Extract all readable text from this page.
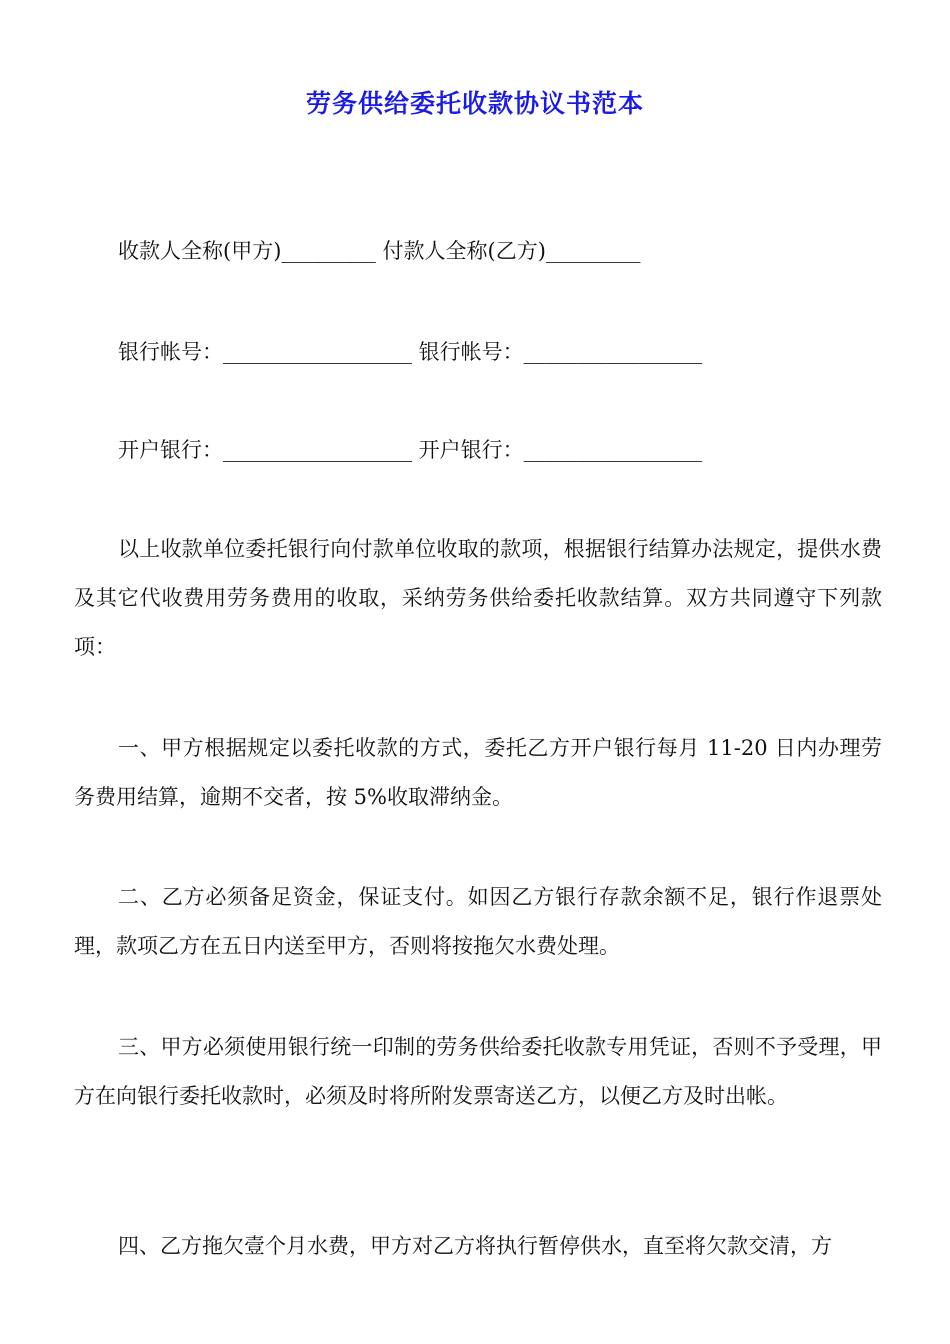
劳务供给委托收款协议书范本
收款人全称(甲方)_________ 付款人全称(乙方)_________
银行帐号：__________________ 银行帐号：_________________
开户银行：__________________ 开户银行：_________________
以上收款单位委托银行向付款单位收取的款项，根据银行结算办法规定，提供水费及其它代收费用劳务费用的收取，采纳劳务供给委托收款结算。双方共同遵守下列款项：
一、甲方根据规定以委托收款的方式，委托乙方开户银行每月 11-20 日内办理劳务费用结算，逾期不交者，按 5%收取滞纳金。
二、乙方必须备足资金，保证支付。如因乙方银行存款余额不足，银行作退票处理，款项乙方在五日内送至甲方，否则将按拖欠水费处理。
三、甲方必须使用银行统一印制的劳务供给委托收款专用凭证，否则不予受理，甲方在向银行委托收款时，必须及时将所附发票寄送乙方，以便乙方及时出帐。
四、乙方拖欠壹个月水费，甲方对乙方将执行暂停供水，直至将欠款交清，方
